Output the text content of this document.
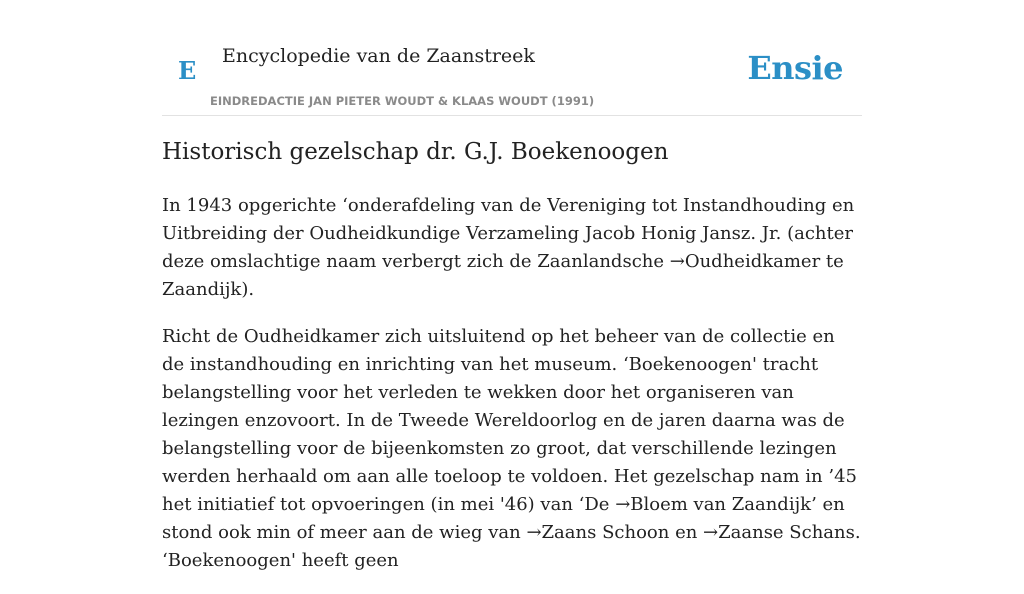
E Encyclopedie van de Zaanstreek	Ensie
EINDREDACTIE JAN PIETER WOUDT & KLAAS WOUDT (1991)
Historisch gezelschap dr. G.J. Boekenoogen

In 1943 opgerichte ‘onderafdeling van de Vereniging tot Instandhouding en Uitbreiding der Oudheidkundige Verzameling Jacob Honig Jansz. Jr. (achter deze omslachtige naam verbergt zich de Zaanlandsche →Oudheidkamer te Zaandijk).

Richt de Oudheidkamer zich uitsluitend op het beheer van de collectie en de instandhouding en inrichting van het museum. ‘Boekenoogen' tracht belangstelling voor het verleden te wekken door het organiseren van lezingen enzovoort. In de Tweede Wereldoorlog en de jaren daarna was de belangstelling voor de bijeenkomsten zo groot, dat verschillende lezingen werden herhaald om aan alle toeloop te voldoen. Het gezelschap nam in ’45 het initiatief tot opvoeringen (in mei '46) van ‘De →Bloem van Zaandijk’ en stond ook min of meer aan de wieg van →Zaans Schoon en →Zaanse Schans. ‘Boekenoogen' heeft geen
